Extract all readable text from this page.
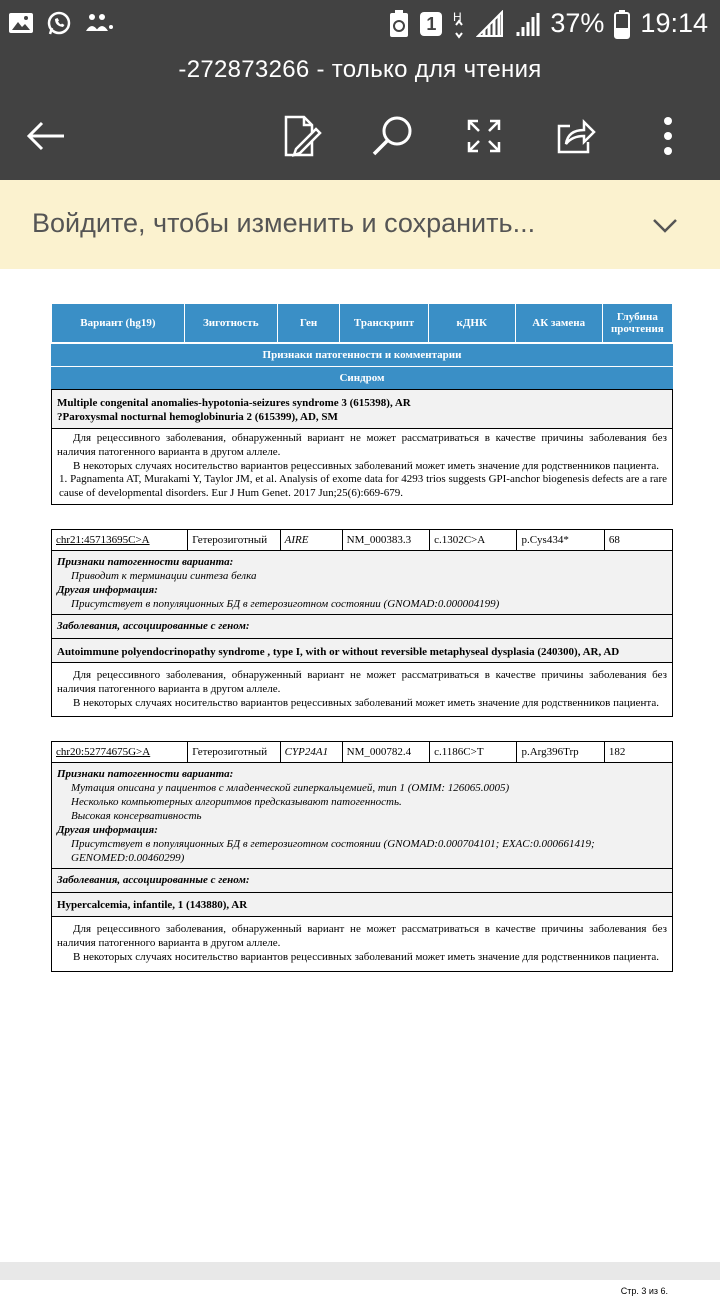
1	H	37% 19:14
-272873266 - только для чтения
Войдите, чтобы изменить и сохранить...
Вариант (hg19)	Зиготность	Ген	Транскрипт	кДНК	АК замена	Глубина прочтения
Признаки патогенности и комментарии
Синдром
Multiple congenital anomalies-hypotonia-seizures syndrome 3 (615398), AR
?Paroxysmal nocturnal hemoglobinuria 2 (615399), AD, SM
Для рецессивного заболевания, обнаруженный вариант не может рассматриваться в качестве причины заболевания без наличия патогенного варианта в другом аллеле.
В некоторых случаях носительство вариантов рецессивных заболеваний может иметь значение для родственников пациента.
1. Pagnamenta AT, Murakami Y, Taylor JM, et al. Analysis of exome data for 4293 trios suggests GPI-anchor biogenesis defects are a rare cause of developmental disorders. Eur J Hum Genet. 2017 Jun;25(6):669-679.
chr21:45713695C>A	Гетерозиготный	AIRE	NM_000383.3	c.1302C>A	p.Cys434*	68
Признаки патогенности варианта:
Приводит к терминации синтеза белка
Другая информация:
Присутствует в популяционных БД в гетерозиготном состоянии (GNOMAD:0.000004199)
Заболевания, ассоциированные с геном:
Autoimmune polyendocrinopathy syndrome , type I, with or without reversible metaphyseal dysplasia (240300), AR, AD
Для рецессивного заболевания, обнаруженный вариант не может рассматриваться в качестве причины заболевания без наличия патогенного варианта в другом аллеле.
В некоторых случаях носительство вариантов рецессивных заболеваний может иметь значение для родственников пациента.
chr20:52774675G>A	Гетерозиготный	CYP24A1	NM_000782.4	c.1186C>T	p.Arg396Trp	182
Признаки патогенности варианта:
Мутация описана у пациентов с младенческой гиперкальцемией, тип 1 (OMIM: 126065.0005)
Несколько компьютерных алгоритмов предсказывают патогенность.
Высокая консервативность
Другая информация:
Присутствует в популяционных БД в гетерозиготном состоянии (GNOMAD:0.000704101; EXAC:0.000661419; GENOMED:0.00460299)
Заболевания, ассоциированные с геном:
Hypercalcemia, infantile, 1 (143880), AR
Для рецессивного заболевания, обнаруженный вариант не может рассматриваться в качестве причины заболевания без наличия патогенного варианта в другом аллеле.
В некоторых случаях носительство вариантов рецессивных заболеваний может иметь значение для родственников пациента.
Стр. 3 из 6.
